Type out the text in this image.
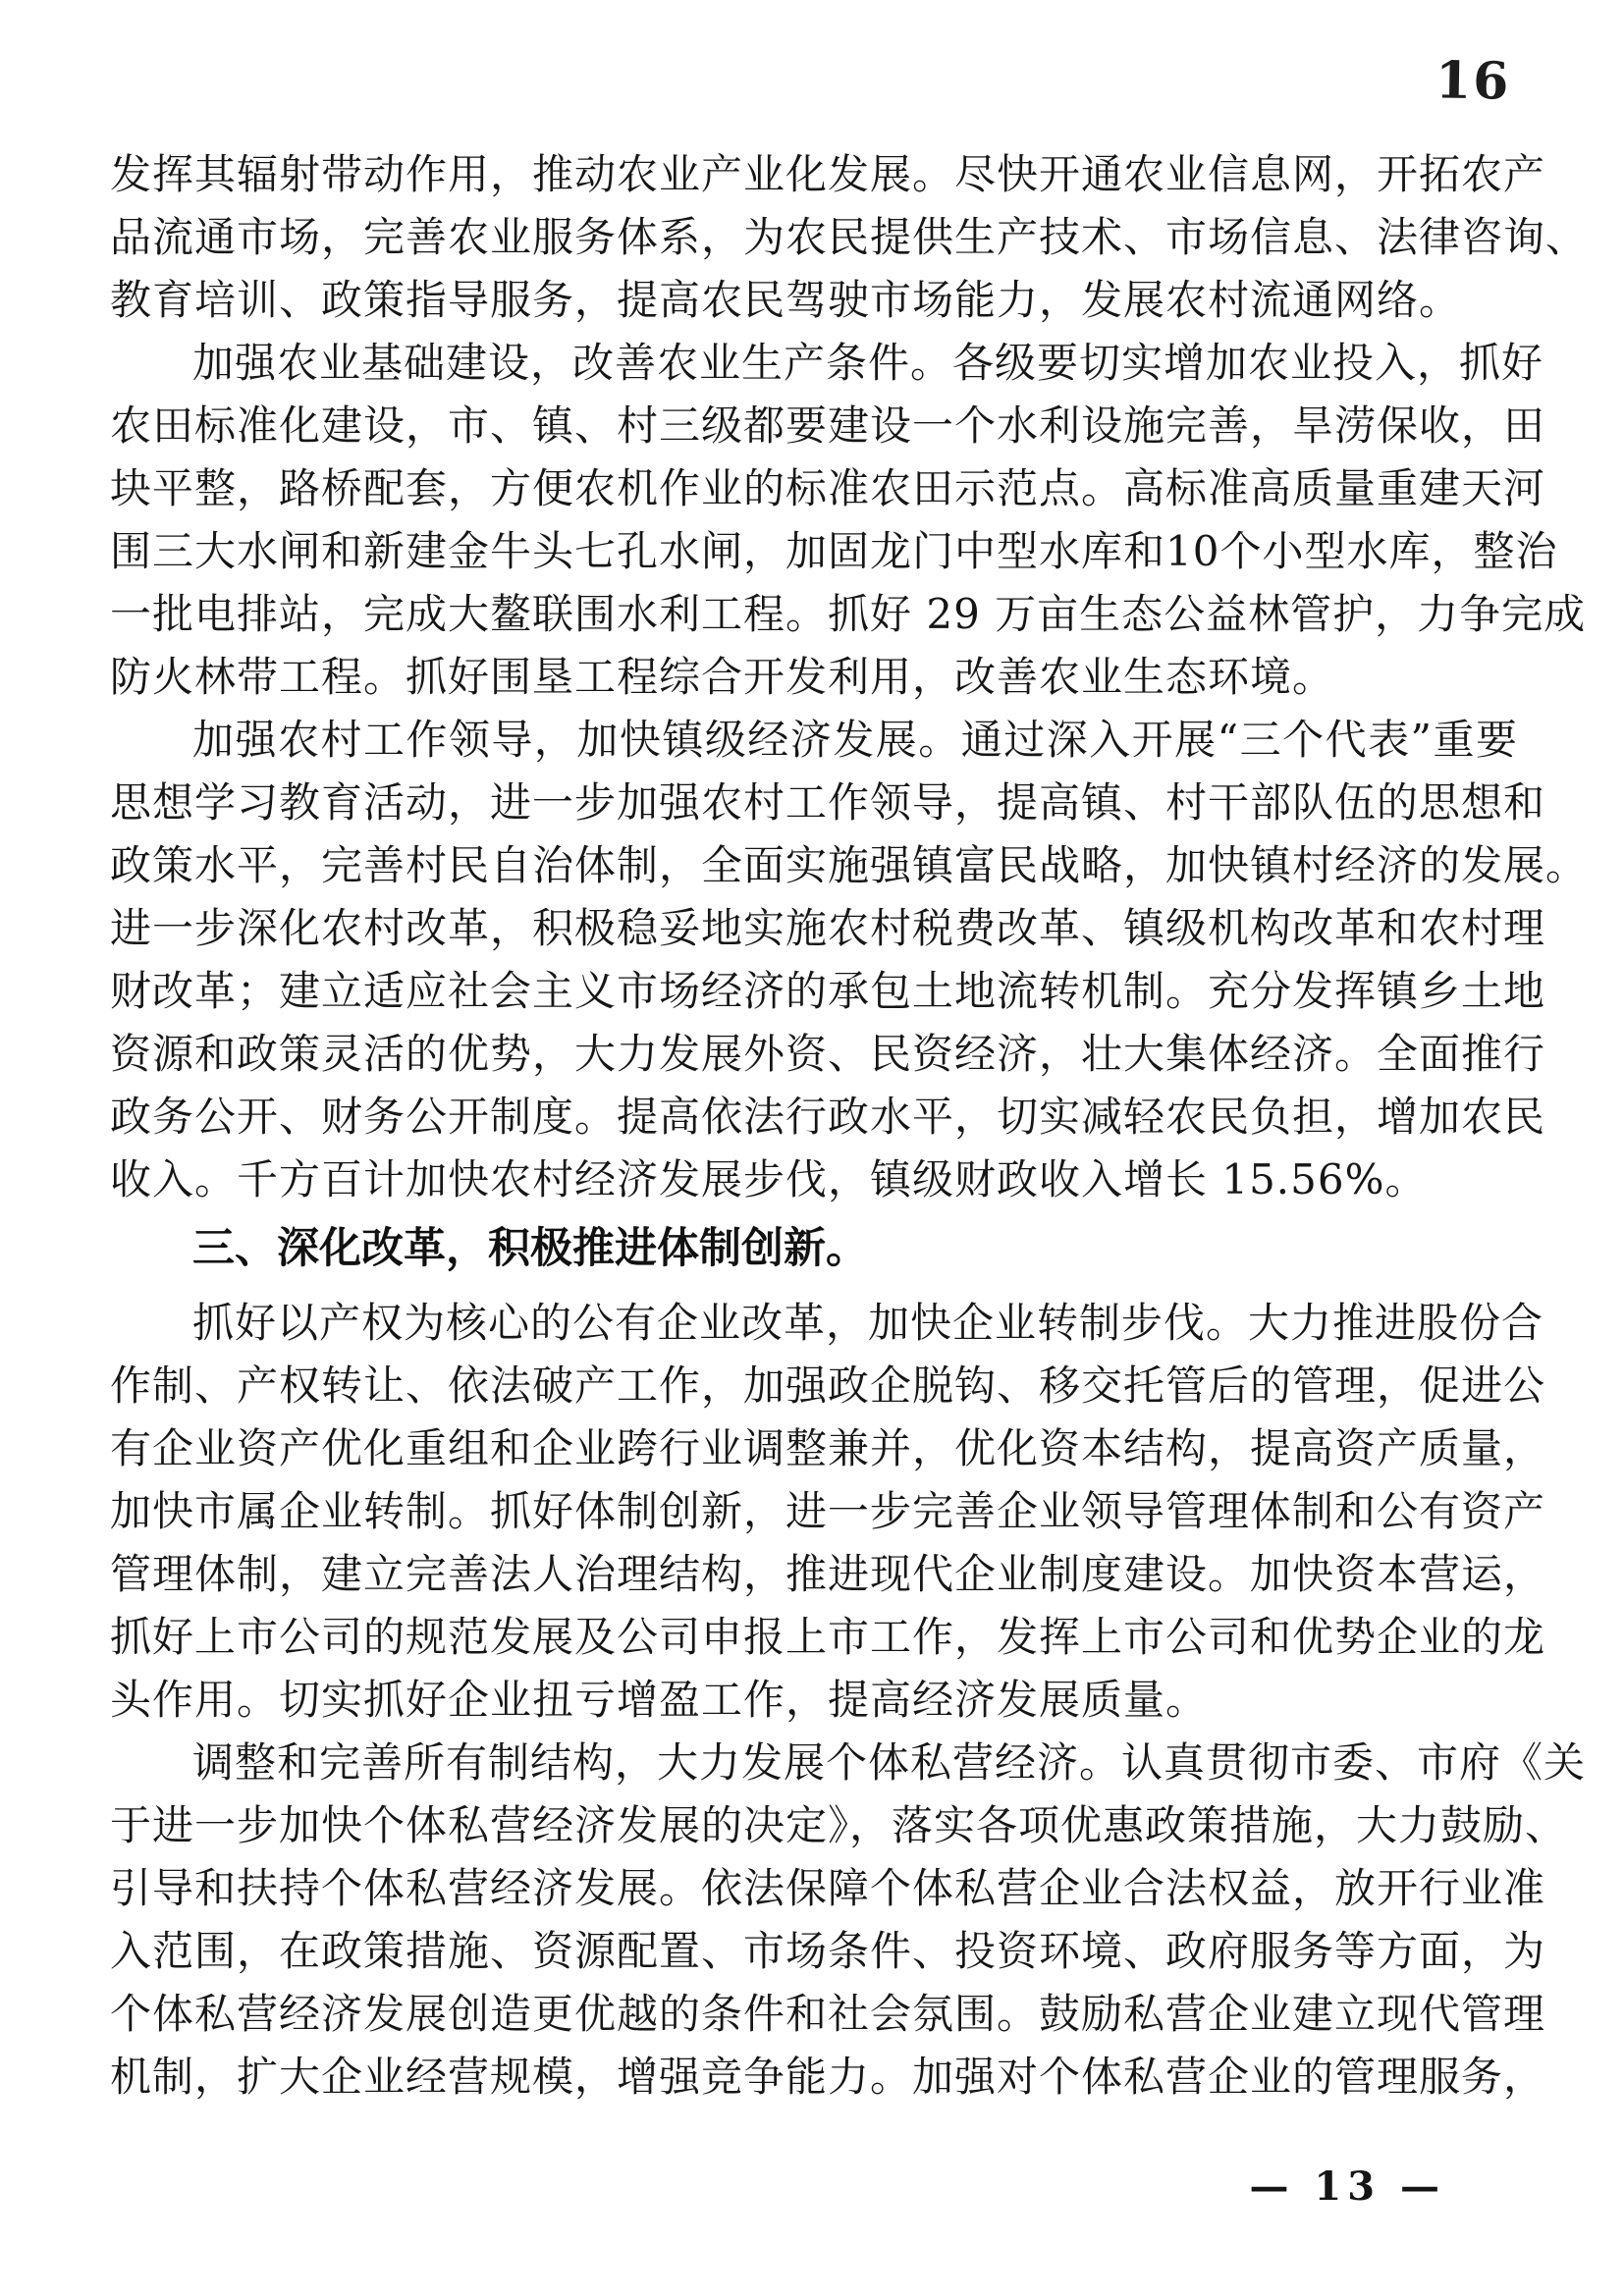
16
发挥其辐射带动作用，推动农业产业化发展。尽快开通农业信息网，开拓农产
品流通市场，完善农业服务体系，为农民提供生产技术、市场信息、法律咨询、
教育培训、政策指导服务，提高农民驾驶市场能力，发展农村流通网络。
加强农业基础建设，改善农业生产条件。各级要切实增加农业投入，抓好
农田标准化建设，市、镇、村三级都要建设一个水利设施完善，旱涝保收，田
块平整，路桥配套，方便农机作业的标准农田示范点。高标准高质量重建天河
围三大水闸和新建金牛头七孔水闸，加固龙门中型水库和10个小型水库，整治
一批电排站，完成大鳌联围水利工程。抓好 29 万亩生态公益林管护，力争完成
防火林带工程。抓好围垦工程综合开发利用，改善农业生态环境。
加强农村工作领导，加快镇级经济发展。通过深入开展“三个代表”重要
思想学习教育活动，进一步加强农村工作领导，提高镇、村干部队伍的思想和
政策水平，完善村民自治体制，全面实施强镇富民战略，加快镇村经济的发展。
进一步深化农村改革，积极稳妥地实施农村税费改革、镇级机构改革和农村理
财改革；建立适应社会主义市场经济的承包土地流转机制。充分发挥镇乡土地
资源和政策灵活的优势，大力发展外资、民资经济，壮大集体经济。全面推行
政务公开、财务公开制度。提高依法行政水平，切实减轻农民负担，增加农民
收入。千方百计加快农村经济发展步伐，镇级财政收入增长 15.56%。
三、深化改革，积极推进体制创新。
抓好以产权为核心的公有企业改革，加快企业转制步伐。大力推进股份合
作制、产权转让、依法破产工作，加强政企脱钩、移交托管后的管理，促进公
有企业资产优化重组和企业跨行业调整兼并，优化资本结构，提高资产质量，
加快市属企业转制。抓好体制创新，进一步完善企业领导管理体制和公有资产
管理体制，建立完善法人治理结构，推进现代企业制度建设。加快资本营运，
抓好上市公司的规范发展及公司申报上市工作，发挥上市公司和优势企业的龙
头作用。切实抓好企业扭亏增盈工作，提高经济发展质量。
调整和完善所有制结构，大力发展个体私营经济。认真贯彻市委、市府《关
于进一步加快个体私营经济发展的决定》，落实各项优惠政策措施，大力鼓励、
引导和扶持个体私营经济发展。依法保障个体私营企业合法权益，放开行业准
入范围，在政策措施、资源配置、市场条件、投资环境、政府服务等方面，为
个体私营经济发展创造更优越的条件和社会氛围。鼓励私营企业建立现代管理
机制，扩大企业经营规模，增强竞争能力。加强对个体私营企业的管理服务，
— 13 —
